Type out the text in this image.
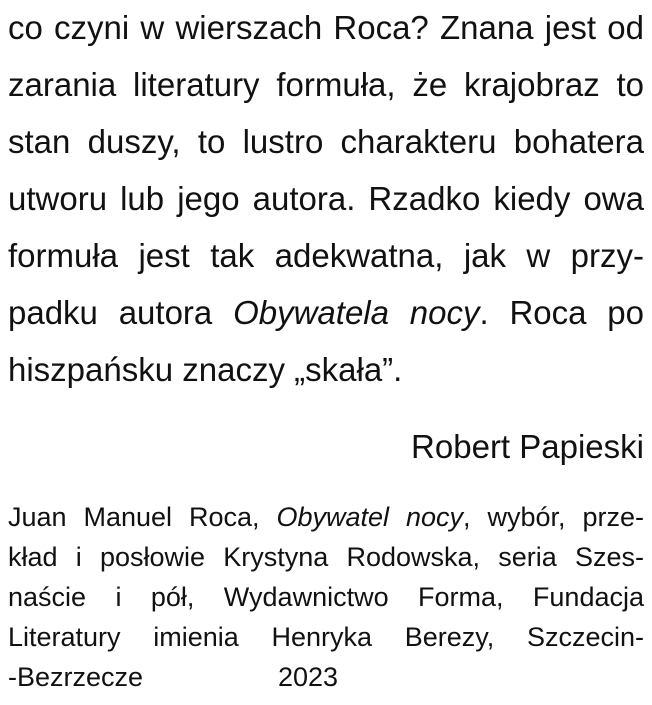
co czyni w wierszach Roca? Znana jest od
zarania literatury formuła, że krajobraz to
stan duszy, to lustro charakteru bohatera
utworu lub jego autora. Rzadko kiedy owa
formuła jest tak adekwatna, jak w przy-
padku autora Obywatela nocy. Roca po
hiszpańsku znaczy „skała”.

Robert Papieski

Juan Manuel Roca, Obywatel nocy, wybór, prze-
kład i posłowie Krystyna Rodowska, seria Szes-
naście i pół, Wydawnictwo Forma, Fundacja
Literatury imienia Henryka Berezy, Szczecin-
-Bezrzecze	2023
